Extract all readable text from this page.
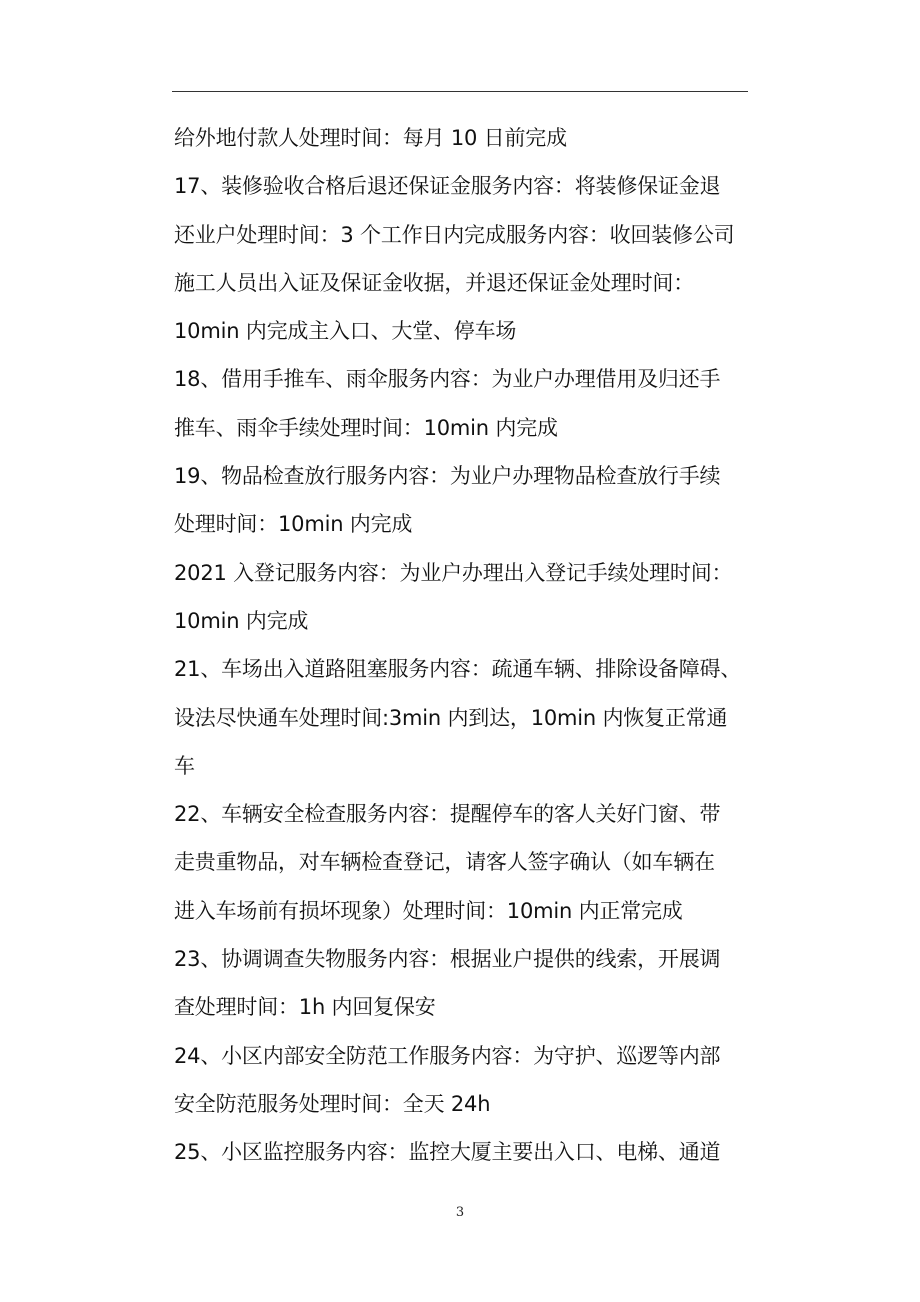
给外地付款人处理时间：每月 10 日前完成
17、装修验收合格后退还保证金服务内容：将装修保证金退
还业户处理时间：3 个工作日内完成服务内容：收回装修公司
施工人员出入证及保证金收据，并退还保证金处理时间：
10min 内完成主入口、大堂、停车场
18、借用手推车、雨伞服务内容：为业户办理借用及归还手
推车、雨伞手续处理时间：10min 内完成
19、物品检查放行服务内容：为业户办理物品检查放行手续
处理时间：10min 内完成
2021 入登记服务内容：为业户办理出入登记手续处理时间：
10min 内完成
21、车场出入道路阻塞服务内容：疏通车辆、排除设备障碍、
设法尽快通车处理时间:3min 内到达，10min 内恢复正常通
车
22、车辆安全检查服务内容：提醒停车的客人关好门窗、带
走贵重物品，对车辆检查登记，请客人签字确认（如车辆在
进入车场前有损坏现象）处理时间：10min 内正常完成
23、协调调查失物服务内容：根据业户提供的线索，开展调
查处理时间：1h 内回复保安
24、小区内部安全防范工作服务内容：为守护、巡逻等内部
安全防范服务处理时间：全天 24h
25、小区监控服务内容：监控大厦主要出入口、电梯、通道
3
